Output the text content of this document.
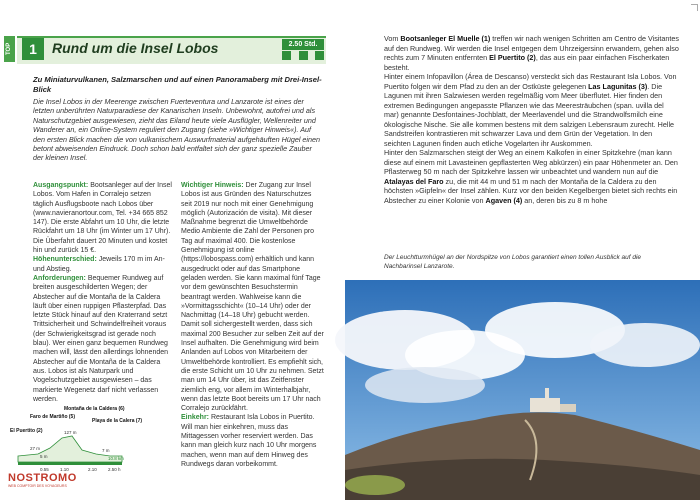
TOP	1	Rund um die Insel Lobos	2.50 Std.
Zu Miniaturvulkanen, Salzmarschen und auf einen Panoramaberg mit Drei-Insel-Blick
Die Insel Lobos in der Meerenge zwischen Fuerteventura und Lanzarote ist eines der letzten unberührten Naturparadiese der Kanarischen Inseln. Unbewohnt, autofrei und als Naturschutzgebiet ausgewiesen, zieht das Eiland heute viele Ausflügler, Wellenreiter und Wanderer an, ein Online-System reguliert den Zugang (siehe »Wichtiger Hinweis«). Auf den ersten Blick machen die von vulkanischem Auswurfmaterial aufgehäuften Hügel einen betont abweisenden Eindruck. Doch schon bald entfaltet sich der ganz spezielle Zauber der kleinen Insel.
Ausgangspunkt: Bootsanleger auf der Insel Lobos. Vom Hafen in Corralejo setzen täglich Ausflugsboote nach Lobos über (www.navieranortour.com, Tel. +34 665 852 147). Die erste Abfahrt um 10 Uhr, die letzte Rückfahrt um 18 Uhr (im Winter um 17 Uhr). Die Überfahrt dauert 20 Minuten und kostet hin und zurück 15 €.
Höhenunterschied: Jeweils 170 m im An- und Abstieg.
Anforderungen: Bequemer Rundweg auf breiten ausgeschilderten Wegen; der Abstecher auf die Montaña de la Caldera läuft über einen ruppigen Pflasterpfad. Das letzte Stück hinauf auf den Kraterrand setzt Trittsicherheit und Schwindelfreiheit voraus (der Schwierigkeitsgrad ist gerade noch blau). Wer einen ganz bequemen Rundweg machen will, lässt den allerdings lohnenden Abstecher auf die Montaña de la Caldera aus. Lobos ist als Naturpark und Vogelschutzgebiet ausgewiesen – das markierte Wegenetz darf nicht verlassen werden.
Wichtiger Hinweis: Der Zugang zur Insel Lobos ist aus Gründen des Naturschutzes seit 2019 nur noch mit einer Genehmigung möglich (Autorización de visita). Mit dieser Maßnahme begrenzt die Umweltbehörde Medio Ambiente die Zahl der Personen pro Tag auf maximal 400. Die kostenlose Genehmigung ist online (https://lobospass.com) erhältlich und kann ausgedruckt oder auf das Smartphone geladen werden. Sie kann maximal fünf Tage vor dem gewünschten Besuchstermin beantragt werden. Wahlweise kann die »Vormittagsschicht« (10–14 Uhr) oder der Nachmittag (14–18 Uhr) gebucht werden. Damit soll sichergestellt werden, dass sich maximal 200 Besucher zur selben Zeit auf der Insel aufhalten. Die Genehmigung wird beim Anlanden auf Lobos von Mitarbeitern der Umweltbehörde kontrolliert. Es empfiehlt sich, die erste Schicht um 10 Uhr zu nehmen. Setzt man um 14 Uhr über, ist das Zeitfenster ziemlich eng, vor allem im Winterhalbjahr, wenn das letzte Boot bereits um 17 Uhr nach Corralejo zurückfährt.
Einkehr: Restaurant Isla Lobos in Puertito. Will man hier einkehren, muss das Mittagessen vorher reserviert werden. Das kann man gleich kurz nach 10 Uhr morgens machen, wenn man auf dem Hinweg des Rundwegs daran vorbeikommt.
El Puertito (2)
Faro de Martiño (5)
Montaña de la Caldera (6)
Playa de la Calera (7)
27 m
127 m
5 m
7 m
0.55 1.10	2.10 2.50 h
10.8 km
NOSTROMO
WEB COMPTOIR DES VOYAGEURS
Vom Bootsanleger El Muelle (1) treffen wir nach wenigen Schritten am Centro de Visitantes auf den Rundweg. Wir werden die Insel entgegen dem Uhrzeigersinn erwandern, gehen also rechts zum 7 Minuten entfernten El Puertito (2), das aus ein paar einfachen Fischerkaten besteht.
Hinter einem Infopavillon (Área de Descanso) versteckt sich das Restaurant Isla Lobos. Von Puertito folgen wir dem Pfad zu den an der Ostküste gelegenen Las Lagunitas (3). Die Lagunen mit ihren Salzwiesen werden regelmäßig vom Meer überflutet. Hier finden den extremen Bedingungen angepasste Pflanzen wie das Meeresträubchen (span. uvilla del mar) genannte Desfontaines-Jochblatt, der Meerlavendel und die Strandwolfsmilch eine ökologische Nische. Sie alle kommen bestens mit dem salzigen Lebensraum zurecht. Helle Sandstreifen kontrastieren mit schwarzer Lava und dem Grün der Vegetation. In den seichten Lagunen finden auch etliche Vogelarten ihr Auskommen.
Hinter den Salzmarschen steigt der Weg an einem Kalkofen in einer Spitzkehre (man kann diese auf einem mit Lavasteinen gepflasterten Weg abkürzen) ein paar Höhenmeter an. Den Pflasterweg 50 m nach der Spitzkehre lassen wir unbeachtet und wandern nun auf die Atalayas del Faro zu, die mit 44 m und 51 m nach der Montaña de la Caldera zu den höchsten »Gipfeln« der Insel zählen. Kurz vor den beiden Kegelbergen bietet sich rechts ein Abstecher zu einer Kolonie von Agaven (4) an, deren bis zu 8 m hohe
Der Leuchtturmhügel an der Nordspitze von Lobos garantiert einen tollen Ausblick auf die Nachbarinsel Lanzarote.
